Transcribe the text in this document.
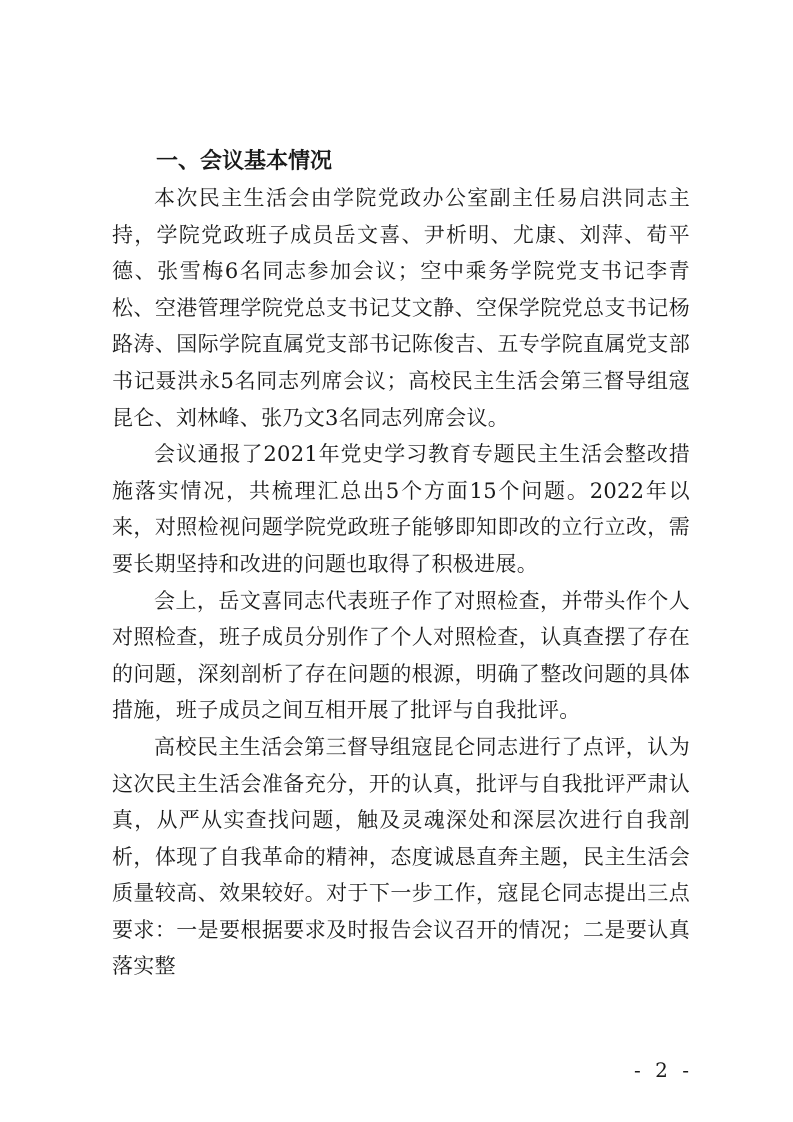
一、会议基本情况

本次民主生活会由学院党政办公室副主任易启洪同志主持，学院党政班子成员岳文喜、尹析明、尤康、刘萍、荀平德、张雪梅6名同志参加会议；空中乘务学院党支书记李青松、空港管理学院党总支书记艾文静、空保学院党总支书记杨路涛、国际学院直属党支部书记陈俊吉、五专学院直属党支部书记聂洪永5名同志列席会议；高校民主生活会第三督导组寇昆仑、刘林峰、张乃文3名同志列席会议。

会议通报了2021年党史学习教育专题民主生活会整改措施落实情况，共梳理汇总出5个方面15个问题。2022年以来，对照检视问题学院党政班子能够即知即改的立行立改，需要长期坚持和改进的问题也取得了积极进展。

会上，岳文喜同志代表班子作了对照检查，并带头作个人对照检查，班子成员分别作了个人对照检查，认真查摆了存在的问题，深刻剖析了存在问题的根源，明确了整改问题的具体措施，班子成员之间互相开展了批评与自我批评。

高校民主生活会第三督导组寇昆仑同志进行了点评，认为这次民主生活会准备充分，开的认真，批评与自我批评严肃认真，从严从实查找问题，触及灵魂深处和深层次进行自我剖析，体现了自我革命的精神，态度诚恳直奔主题，民主生活会质量较高、效果较好。对于下一步工作，寇昆仑同志提出三点要求：一是要根据要求及时报告会议召开的情况；二是要认真落实整

- 2 -
